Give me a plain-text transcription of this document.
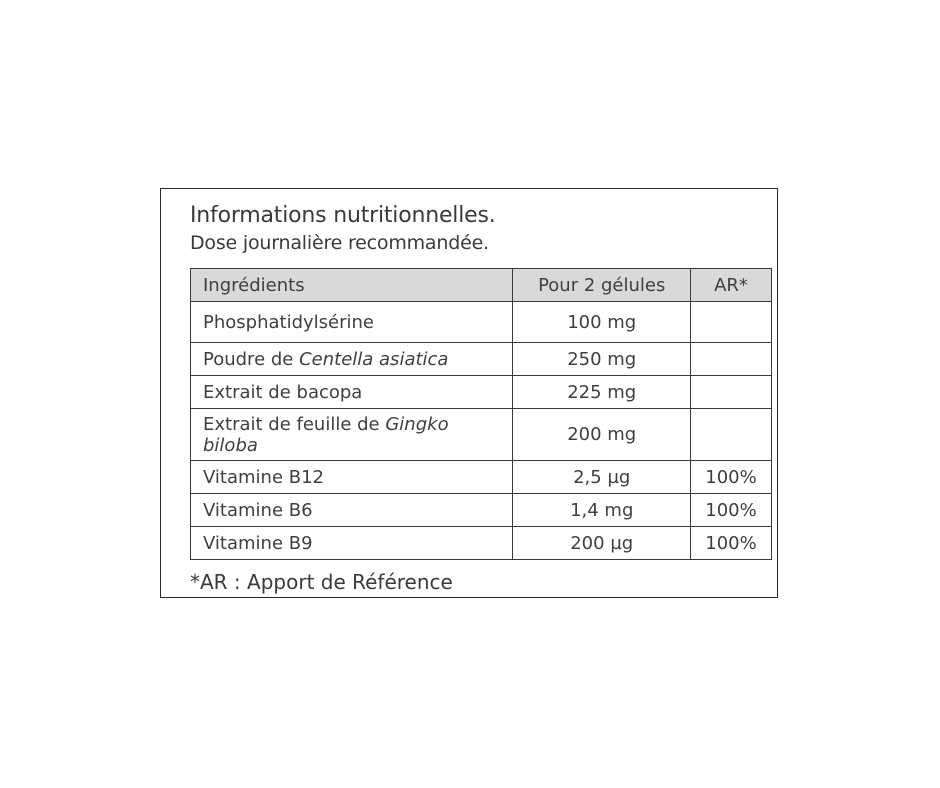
Informations nutritionnelles.
Dose journalière recommandée.
Ingrédients	Pour 2 gélules	AR*
Phosphatidylsérine	100 mg	
Poudre de Centella asiatica	250 mg	
Extrait de bacopa	225 mg	
Extrait de feuille de Gingko biloba	200 mg	
Vitamine B12	2,5 µg	100%
Vitamine B6	1,4 mg	100%
Vitamine B9	200 µg	100%
*AR : Apport de Référence
